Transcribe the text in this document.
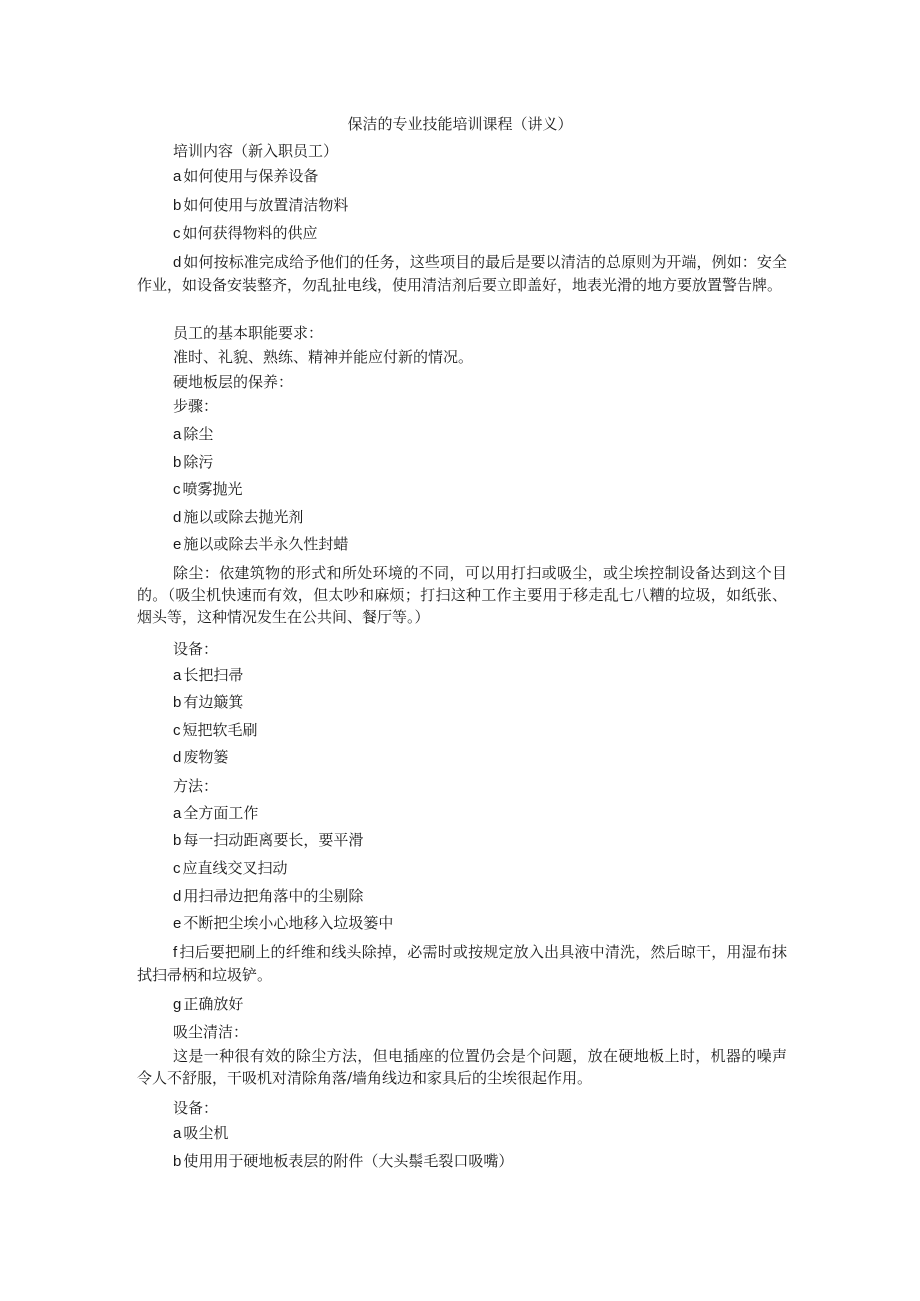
保洁的专业技能培训课程（讲义）
培训内容（新入职员工）
a 如何使用与保养设备
b 如何使用与放置清洁物料
c 如何获得物料的供应
d 如何按标准完成给予他们的任务，这些项目的最后是要以清洁的总原则为开端，例如：安全作业，如设备安装整齐，勿乱扯电线，使用清洁剂后要立即盖好，地表光滑的地方要放置警告牌。
员工的基本职能要求：
准时、礼貌、熟练、精神并能应付新的情况。
硬地板层的保养：
步骤：
a 除尘
b 除污
c 喷雾抛光
d 施以或除去抛光剂
e 施以或除去半永久性封蜡
除尘：依建筑物的形式和所处环境的不同，可以用打扫或吸尘，或尘埃控制设备达到这个目的。（吸尘机快速而有效，但太吵和麻烦；打扫这种工作主要用于移走乱七八糟的垃圾，如纸张、烟头等，这种情况发生在公共间、餐厅等。）
设备：
a 长把扫帚
b 有边簸箕
c 短把软毛刷
d 废物篓
方法：
a 全方面工作
b 每一扫动距离要长，要平滑
c 应直线交叉扫动
d 用扫帚边把角落中的尘剔除
e 不断把尘埃小心地移入垃圾篓中
f 扫后要把刷上的纤维和线头除掉，必需时或按规定放入出具液中清洗，然后晾干，用湿布抹拭扫帚柄和垃圾铲。
g 正确放好
吸尘清洁：
这是一种很有效的除尘方法，但电插座的位置仍会是个问题，放在硬地板上时，机器的噪声令人不舒服，干吸机对清除角落/墙角线边和家具后的尘埃很起作用。
设备：
a 吸尘机
b 使用用于硬地板表层的附件（大头鬃毛裂口吸嘴）
